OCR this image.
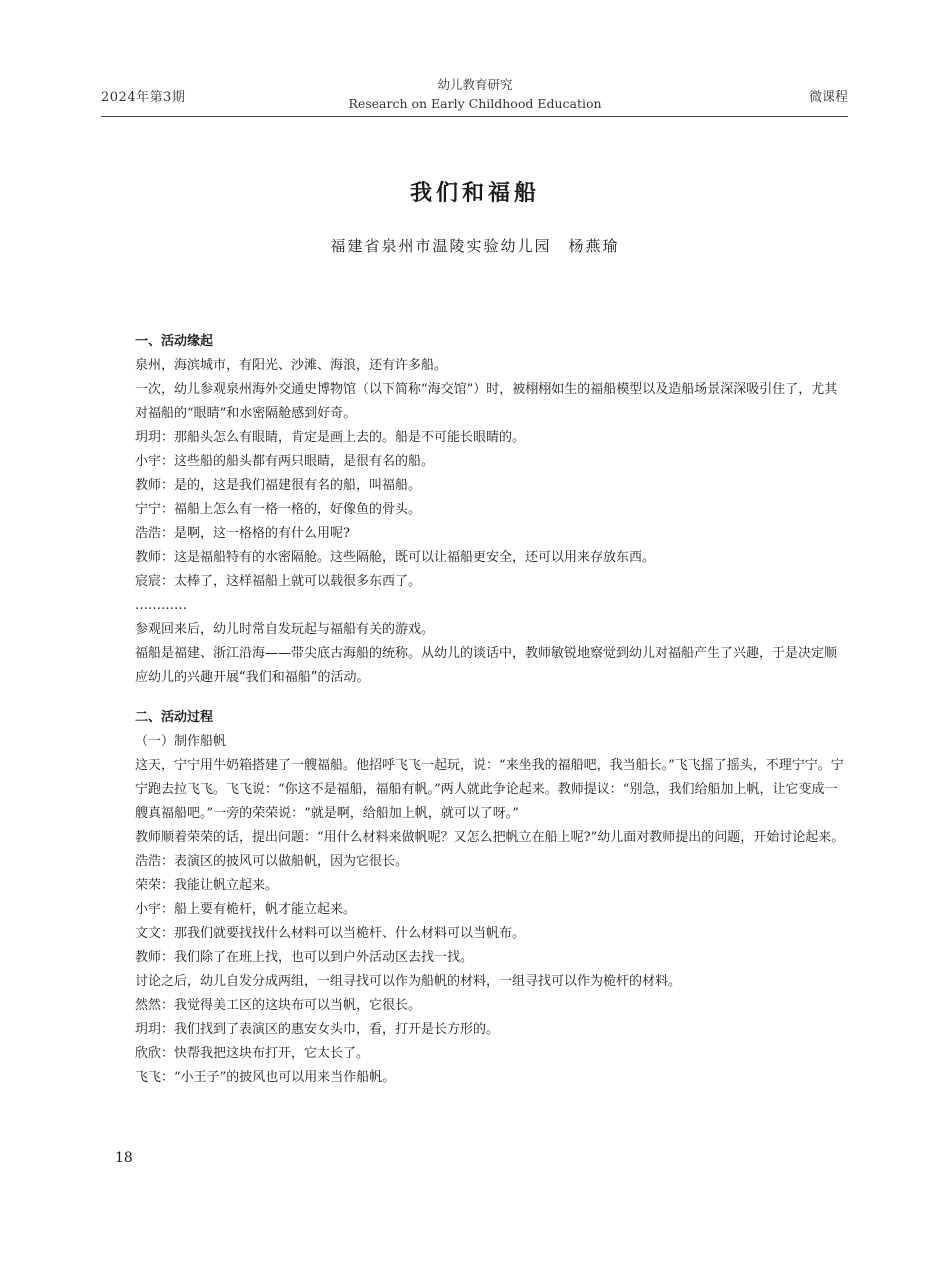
2024年第3期
幼儿教育研究
Research on Early Childhood Education	微课程
我们和福船
福建省泉州市温陵实验幼儿园　杨燕瑜

一、活动缘起

泉州，海滨城市，有阳光、沙滩、海浪，还有许多船。

一次，幼儿参观泉州海外交通史博物馆（以下简称“海交馆”）时，被栩栩如生的福船模型以及造船场景深深吸引住了，尤其对福船的“眼睛”和水密隔舱感到好奇。

玥玥：那船头怎么有眼睛，肯定是画上去的。船是不可能长眼睛的。

小宇：这些船的船头都有两只眼睛，是很有名的船。

教师：是的，这是我们福建很有名的船，叫福船。

宁宁：福船上怎么有一格一格的，好像鱼的骨头。

浩浩：是啊，这一格格的有什么用呢?

教师：这是福船特有的水密隔舱。这些隔舱，既可以让福船更安全，还可以用来存放东西。

宸宸：太棒了，这样福船上就可以载很多东西了。

…………

参观回来后，幼儿时常自发玩起与福船有关的游戏。

福船是福建、浙江沿海——带尖底古海船的统称。从幼儿的谈话中，教师敏锐地察觉到幼儿对福船产生了兴趣，于是决定顺应幼儿的兴趣开展“我们和福船”的活动。

二、活动过程

（一）制作船帆

这天，宁宁用牛奶箱搭建了一艘福船。他招呼飞飞一起玩，说：“来坐我的福船吧，我当船长。”飞飞摇了摇头，不理宁宁。宁宁跑去拉飞飞。飞飞说：“你这不是福船，福船有帆。”两人就此争论起来。教师提议：“别急，我们给船加上帆，让它变成一艘真福船吧。”一旁的荣荣说：“就是啊，给船加上帆，就可以了呀。”

教师顺着荣荣的话，提出问题：“用什么材料来做帆呢？又怎么把帆立在船上呢?”幼儿面对教师提出的问题，开始讨论起来。

浩浩：表演区的披风可以做船帆，因为它很长。

荣荣：我能让帆立起来。

小宇：船上要有桅杆，帆才能立起来。

文文：那我们就要找找什么材料可以当桅杆、什么材料可以当帆布。

教师：我们除了在班上找，也可以到户外活动区去找一找。

讨论之后，幼儿自发分成两组，一组寻找可以作为船帆的材料，一组寻找可以作为桅杆的材料。

然然：我觉得美工区的这块布可以当帆，它很长。

玥玥：我们找到了表演区的惠安女头巾，看，打开是长方形的。

欣欣：快帮我把这块布打开，它太长了。

飞飞：“小王子”的披风也可以用来当作船帆。

18
